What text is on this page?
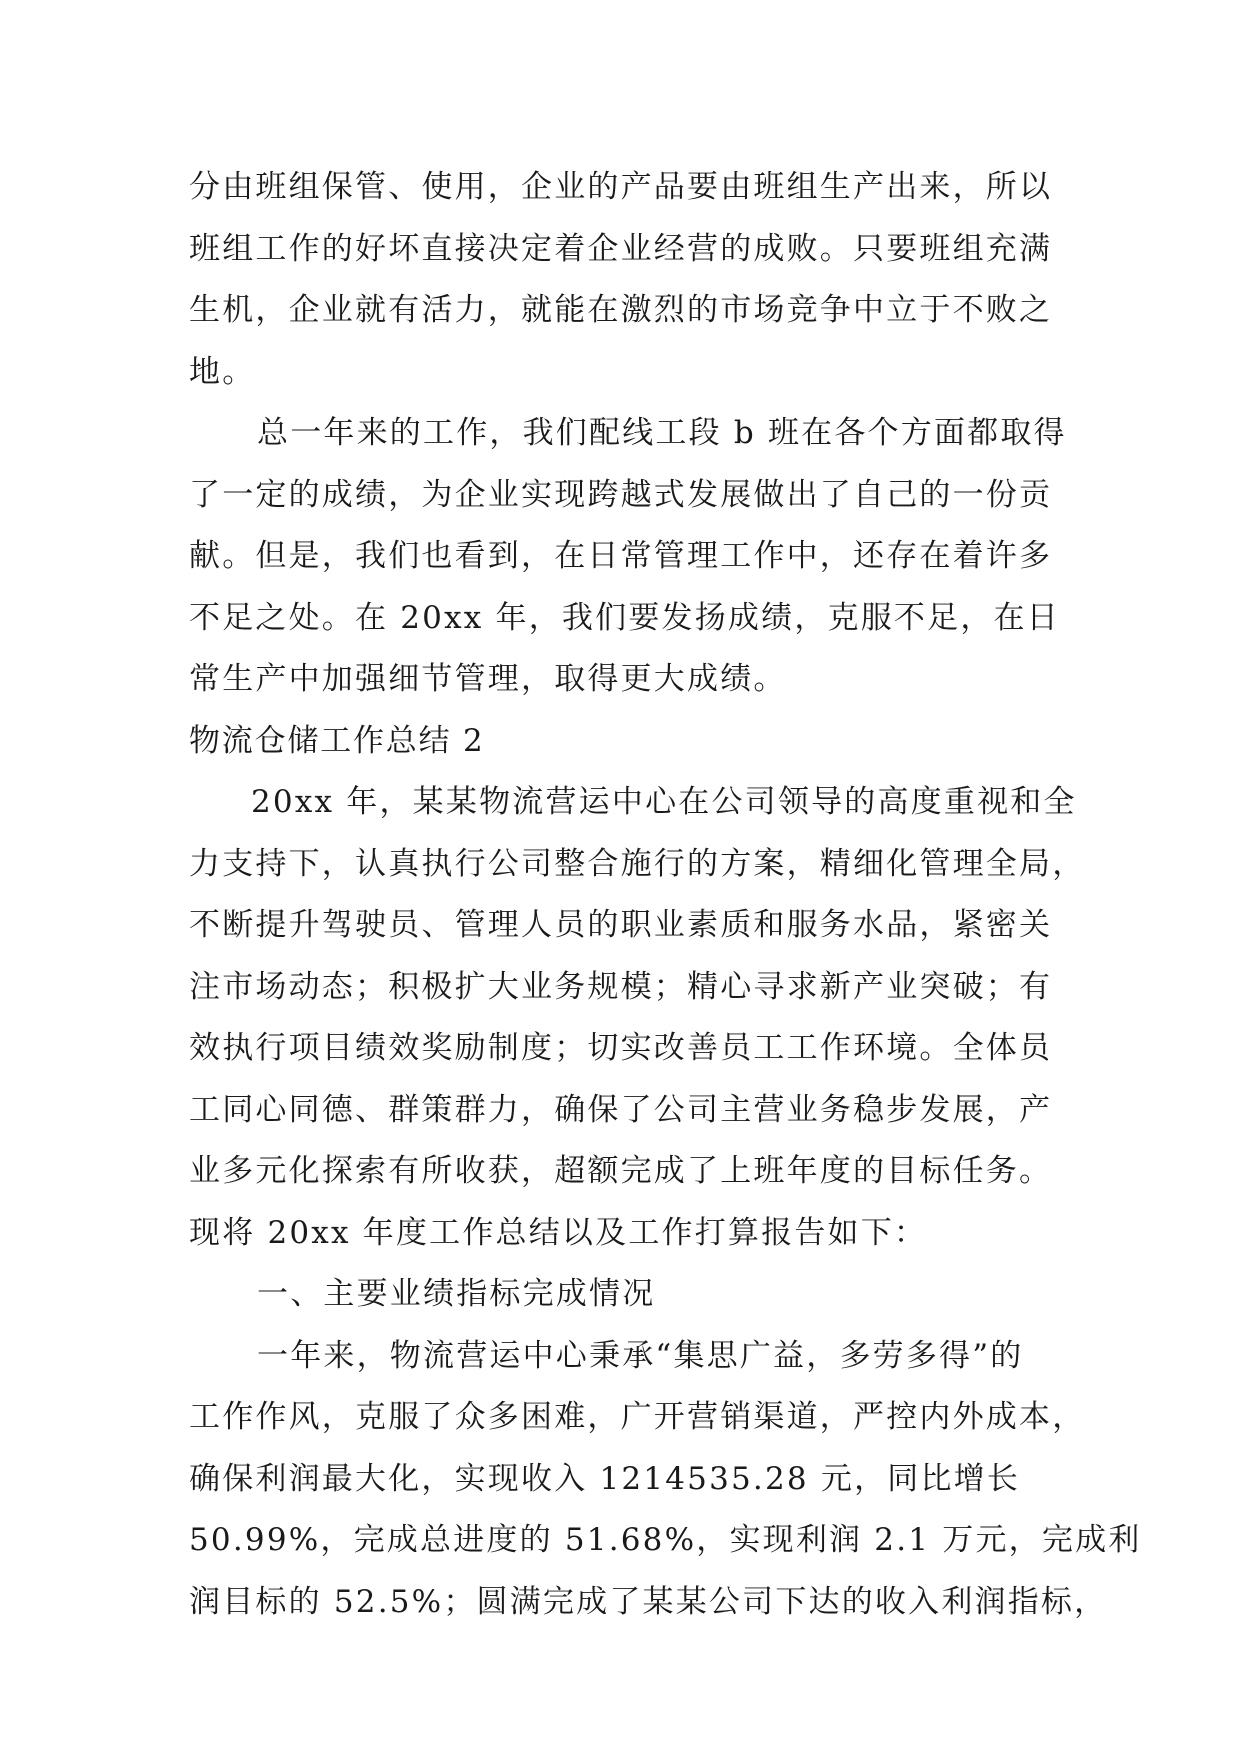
分由班组保管、使用，企业的产品要由班组生产出来，所以
班组工作的好坏直接决定着企业经营的成败。只要班组充满
生机，企业就有活力，就能在激烈的市场竞争中立于不败之
地。
总一年来的工作，我们配线工段 b 班在各个方面都取得
了一定的成绩，为企业实现跨越式发展做出了自己的一份贡
献。但是，我们也看到，在日常管理工作中，还存在着许多
不足之处。在 20xx 年，我们要发扬成绩，克服不足，在日
常生产中加强细节管理，取得更大成绩。
物流仓储工作总结 2
20xx 年，某某物流营运中心在公司领导的高度重视和全
力支持下，认真执行公司整合施行的方案，精细化管理全局，
不断提升驾驶员、管理人员的职业素质和服务水品，紧密关
注市场动态；积极扩大业务规模；精心寻求新产业突破；有
效执行项目绩效奖励制度；切实改善员工工作环境。全体员
工同心同德、群策群力，确保了公司主营业务稳步发展，产
业多元化探索有所收获，超额完成了上班年度的目标任务。
现将 20xx 年度工作总结以及工作打算报告如下：
一、主要业绩指标完成情况
一年来，物流营运中心秉承“集思广益，多劳多得”的
工作作风，克服了众多困难，广开营销渠道，严控内外成本，
确保利润最大化，实现收入 1214535.28 元，同比增长
50.99%，完成总进度的 51.68%，实现利润 2.1 万元，完成利
润目标的 52.5%；圆满完成了某某公司下达的收入利润指标，
